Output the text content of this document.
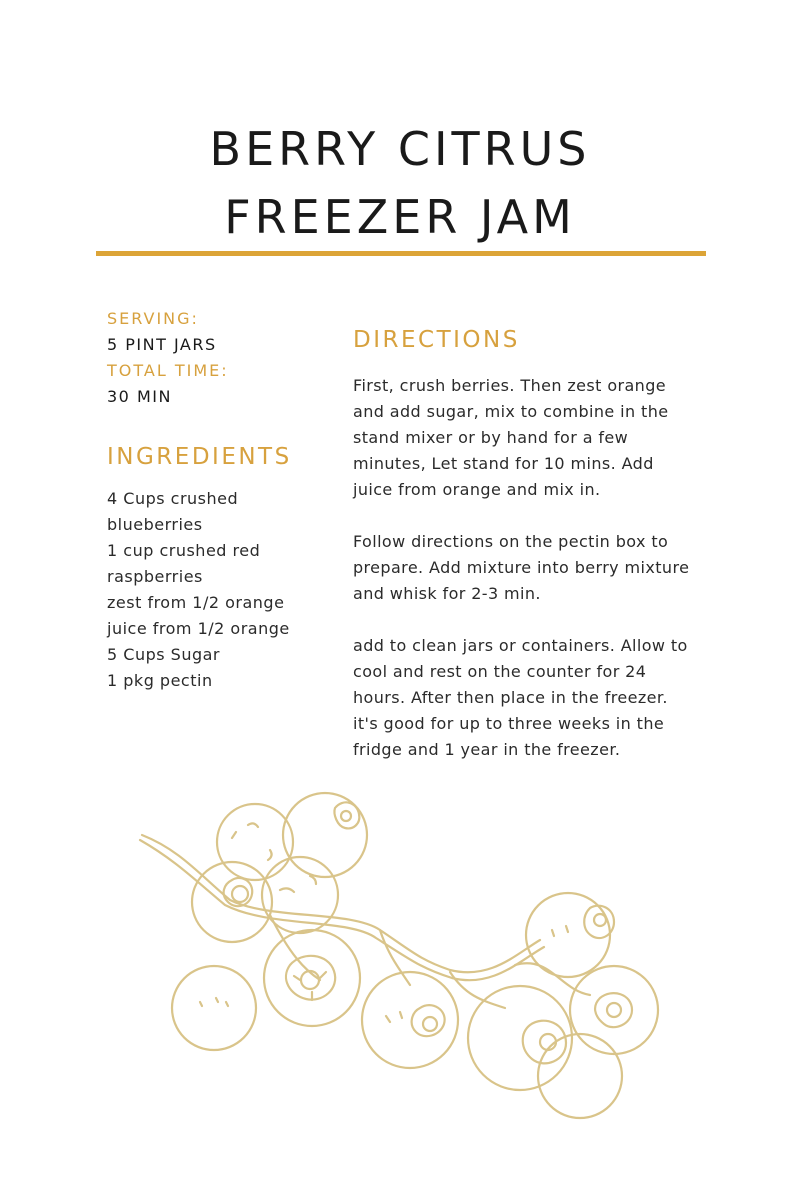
BERRY CITRUS
FREEZER JAM
SERVING:
5 PINT JARS
TOTAL TIME:
30 MIN
INGREDIENTS
4 Cups crushed
blueberries
1 cup crushed red
raspberries
zest from 1/2 orange
juice from 1/2 orange
5 Cups Sugar
1 pkg pectin
DIRECTIONS

First, crush berries. Then zest orange and add sugar, mix to combine in the stand mixer or by hand for a few minutes, Let stand for 10 mins. Add juice from orange and mix in.

Follow directions on the pectin box to prepare. Add mixture into berry mixture and whisk for 2-3 min.

add to clean jars or containers. Allow to cool and rest on the counter for 24 hours. After then place in the freezer. it's good for up to three weeks in the fridge and 1 year in the freezer.
